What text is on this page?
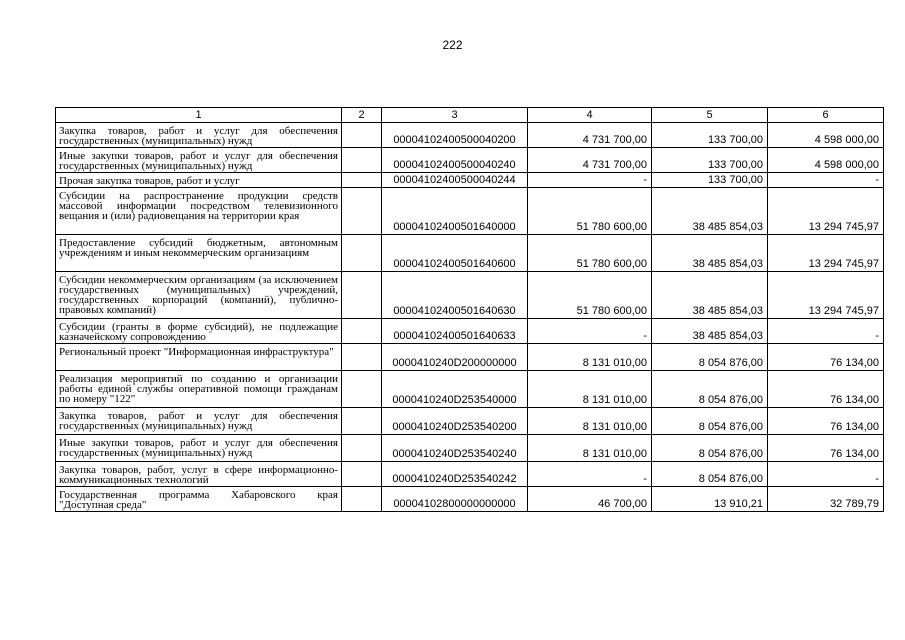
222
1	2	3	4	5	6
Закупка товаров, работ и услуг для обеспечения государственных (муниципальных) нужд		00004102400500040200	4 731 700,00	133 700,00	4 598 000,00
Иные закупки товаров, работ и услуг для обеспечения государственных (муниципальных) нужд		00004102400500040240	4 731 700,00	133 700,00	4 598 000,00
Прочая закупка товаров, работ и услуг		00004102400500040244	-	133 700,00	-
Субсидии на распространение продукции средств массовой информации посредством телевизионного вещания и (или) радиовещания на территории края		00004102400501640000	51 780 600,00	38 485 854,03	13 294 745,97
Предоставление субсидий бюджетным, автономным учреждениям и иным некоммерческим организациям		00004102400501640600	51 780 600,00	38 485 854,03	13 294 745,97
Субсидии некоммерческим организациям (за исключением государственных (муниципальных) учреждений, государственных корпораций (компаний), публично-правовых компаний)		00004102400501640630	51 780 600,00	38 485 854,03	13 294 745,97
Субсидии (гранты в форме субсидий), не подлежащие казначейскому сопровождению		00004102400501640633	-	38 485 854,03	-
Региональный проект "Информационная инфраструктура"		0000410240D200000000	8 131 010,00	8 054 876,00	76 134,00
Реализация мероприятий по созданию и организации работы единой службы оперативной помощи гражданам по номеру "122"		0000410240D253540000	8 131 010,00	8 054 876,00	76 134,00
Закупка товаров, работ и услуг для обеспечения государственных (муниципальных) нужд		0000410240D253540200	8 131 010,00	8 054 876,00	76 134,00
Иные закупки товаров, работ и услуг для обеспечения государственных (муниципальных) нужд		0000410240D253540240	8 131 010,00	8 054 876,00	76 134,00
Закупка товаров, работ, услуг в сфере информационно-коммуникационных технологий		0000410240D253540242	-	8 054 876,00	-
Государственная программа Хабаровского края "Доступная среда"		00004102800000000000	46 700,00	13 910,21	32 789,79
